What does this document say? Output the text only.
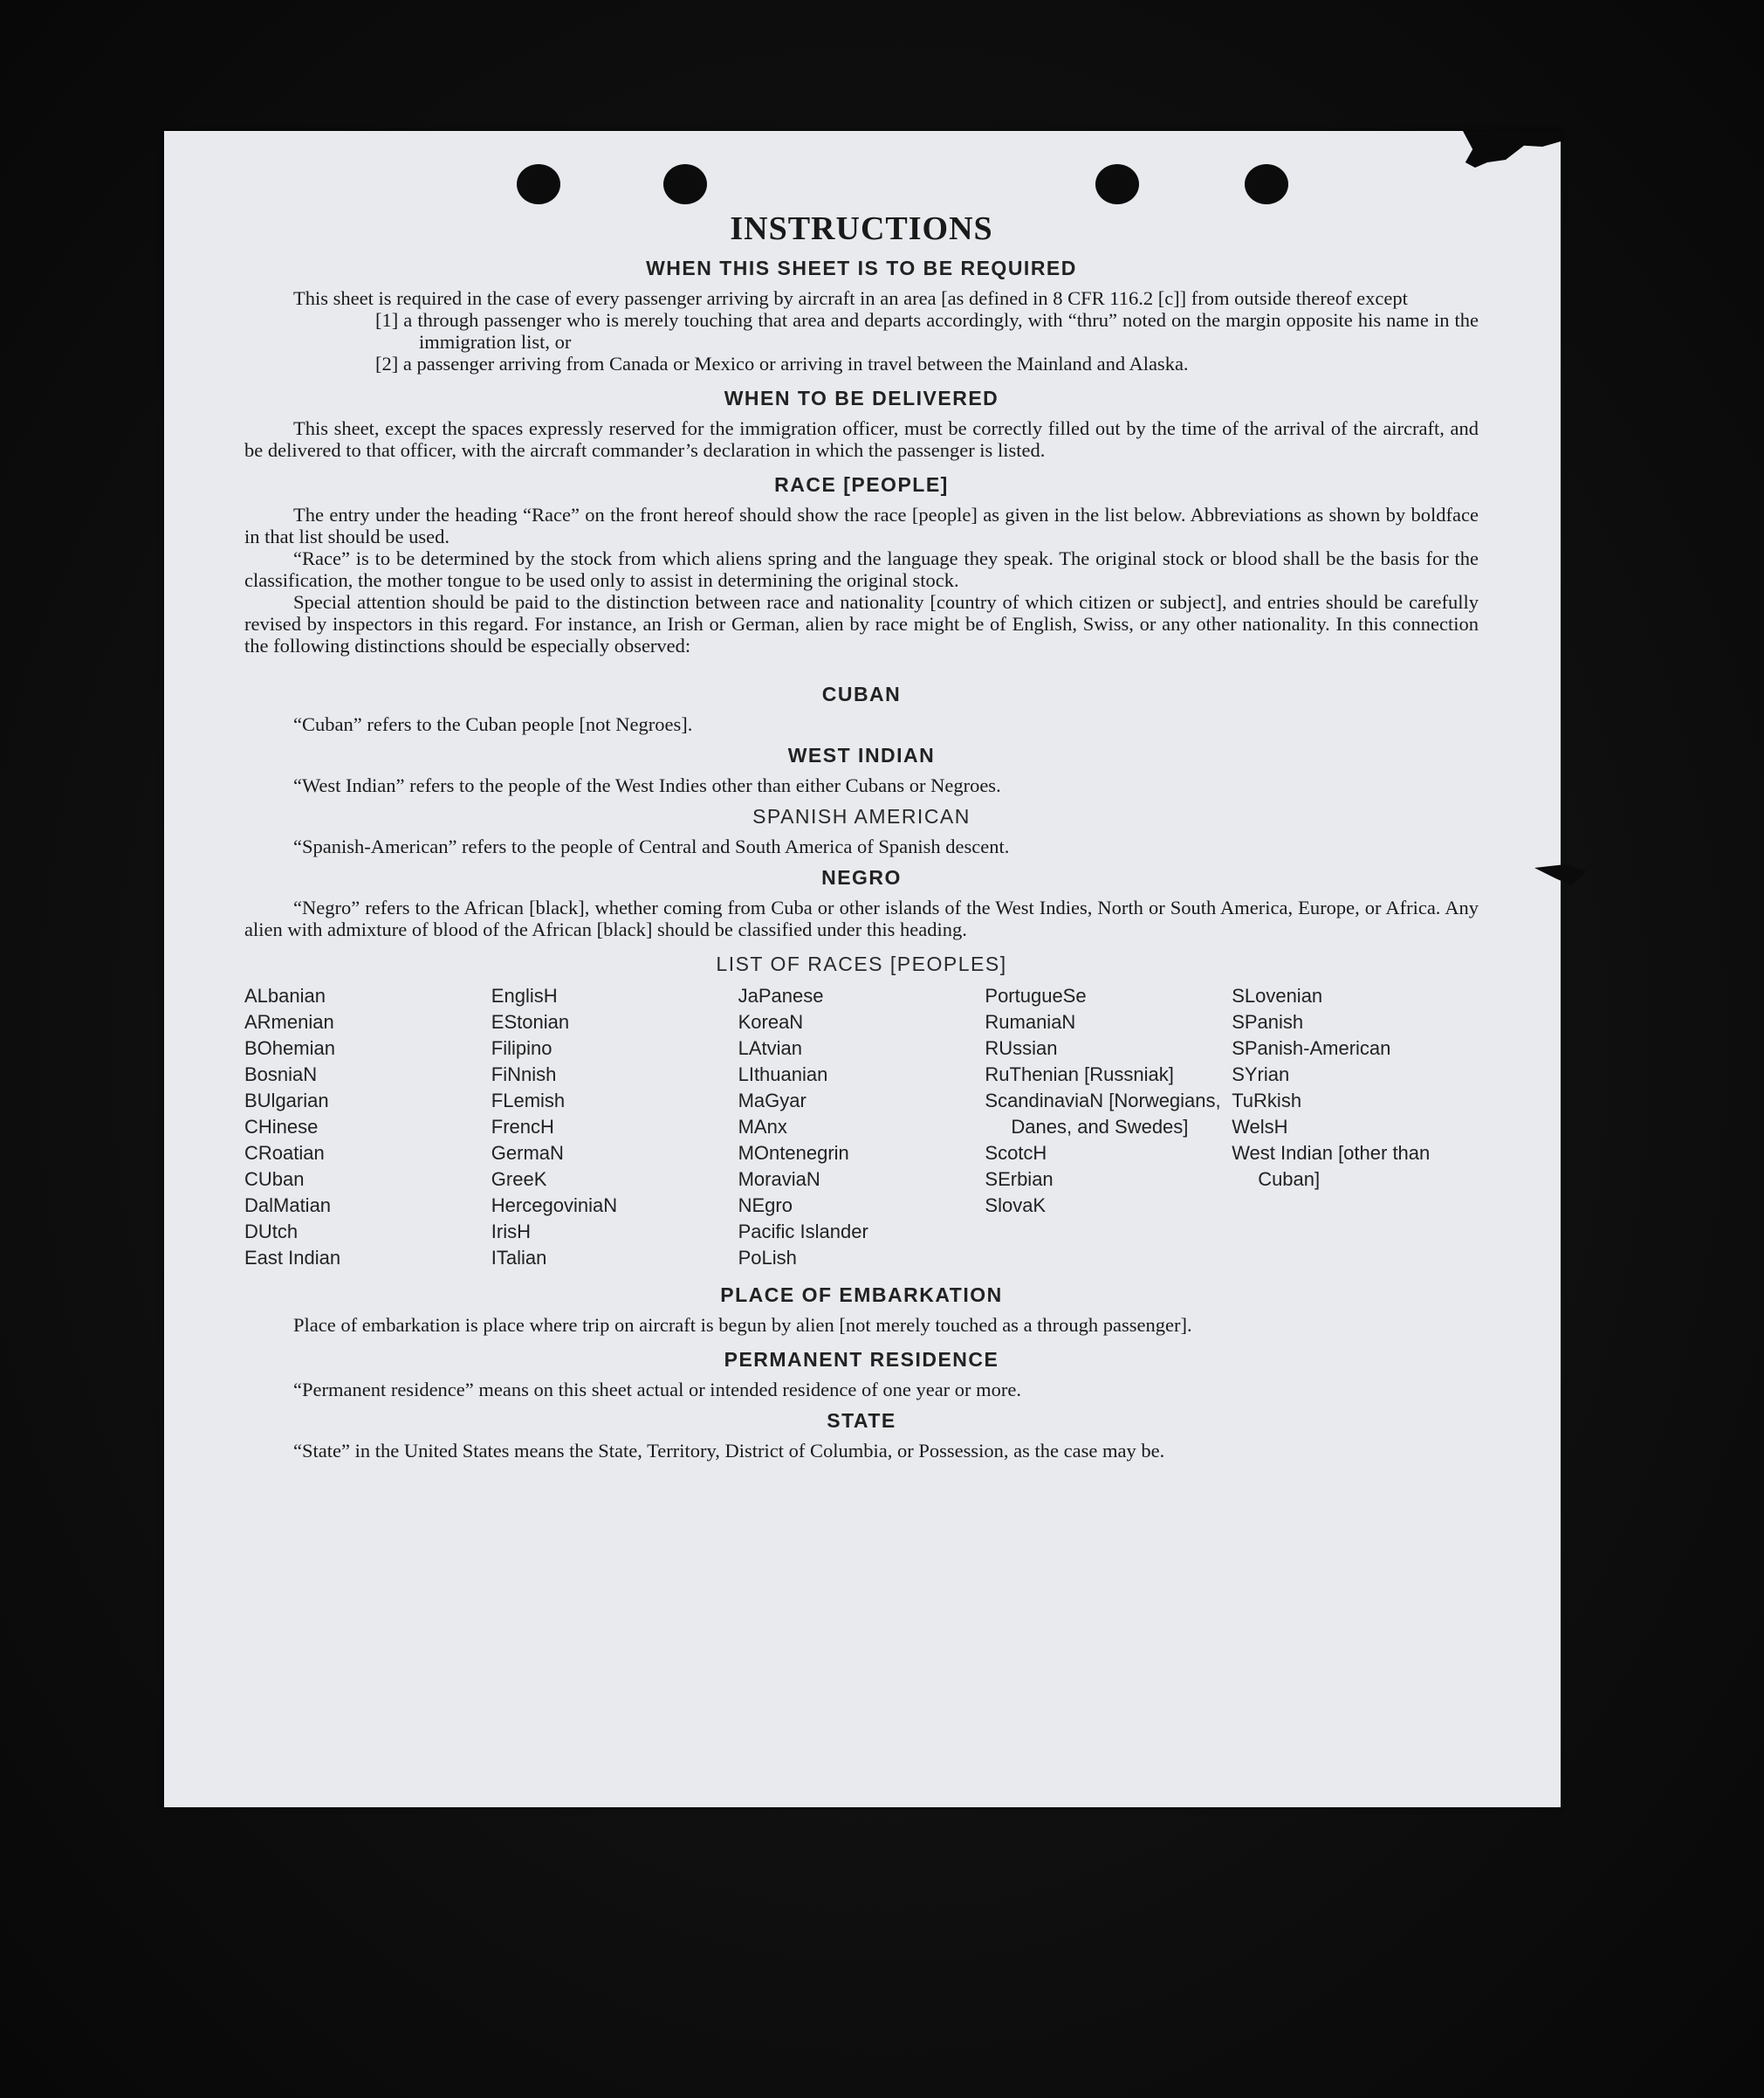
INSTRUCTIONS
WHEN THIS SHEET IS TO BE REQUIRED

This sheet is required in the case of every passenger arriving by aircraft in an area [as defined in 8 CFR 116.2 [c]] from outside thereof except

[1] a through passenger who is merely touching that area and departs accordingly, with “thru” noted on the margin opposite his name in the immigration list, or

[2] a passenger arriving from Canada or Mexico or arriving in travel between the Mainland and Alaska.

WHEN TO BE DELIVERED

This sheet, except the spaces expressly reserved for the immigration officer, must be correctly filled out by the time of the arrival of the aircraft, and be delivered to that officer, with the aircraft commander’s declaration in which the passenger is listed.

RACE [PEOPLE]

The entry under the heading “Race” on the front hereof should show the race [people] as given in the list below. Abbreviations as shown by boldface in that list should be used.

“Race” is to be determined by the stock from which aliens spring and the language they speak. The original stock or blood shall be the basis for the classification, the mother tongue to be used only to assist in determining the original stock.

Special attention should be paid to the distinction between race and nationality [country of which citizen or subject], and entries should be carefully revised by inspectors in this regard. For instance, an Irish or German, alien by race might be of English, Swiss, or any other nationality. In this connection the following distinctions should be especially observed:

CUBAN

“Cuban” refers to the Cuban people [not Negroes].

WEST INDIAN

“West Indian” refers to the people of the West Indies other than either Cubans or Negroes.

SPANISH AMERICAN

“Spanish-American” refers to the people of Central and South America of Spanish descent.

NEGRO

“Negro” refers to the African [black], whether coming from Cuba or other islands of the West Indies, North or South America, Europe, or Africa. Any alien with admixture of blood of the African [black] should be classified under this heading.

LIST OF RACES [PEOPLES]
ALbanian
ARmenian
BOhemian
BosniaN
BUlgarian
CHinese
CRoatian
CUban
DalMatian
DUtch
East Indian
EnglisH
EStonian
Filipino
FiNnish
FLemish
FrencH
GermaN
GreeK
HercegoviniaN
IrisH
ITalian
JaPanese
KoreaN
LAtvian
LIthuanian
MaGyar
MAnx
MOntenegrin
MoraviaN
NEgro
Pacific Islander
PoLish
PortugueSe
RumaniaN
RUssian
RuThenian [Russniak]
ScandinaviaN [Norwegians, Danes, and Swedes]
ScotcH
SErbian
SlovaK
SLovenian
SPanish
SPanish-American
SYrian
TuRkish
WelsH
West Indian [other than Cuban]
PLACE OF EMBARKATION

Place of embarkation is place where trip on aircraft is begun by alien [not merely touched as a through passenger].

PERMANENT RESIDENCE

“Permanent residence” means on this sheet actual or intended residence of one year or more.

STATE

“State” in the United States means the State, Territory, District of Columbia, or Possession, as the case may be.
